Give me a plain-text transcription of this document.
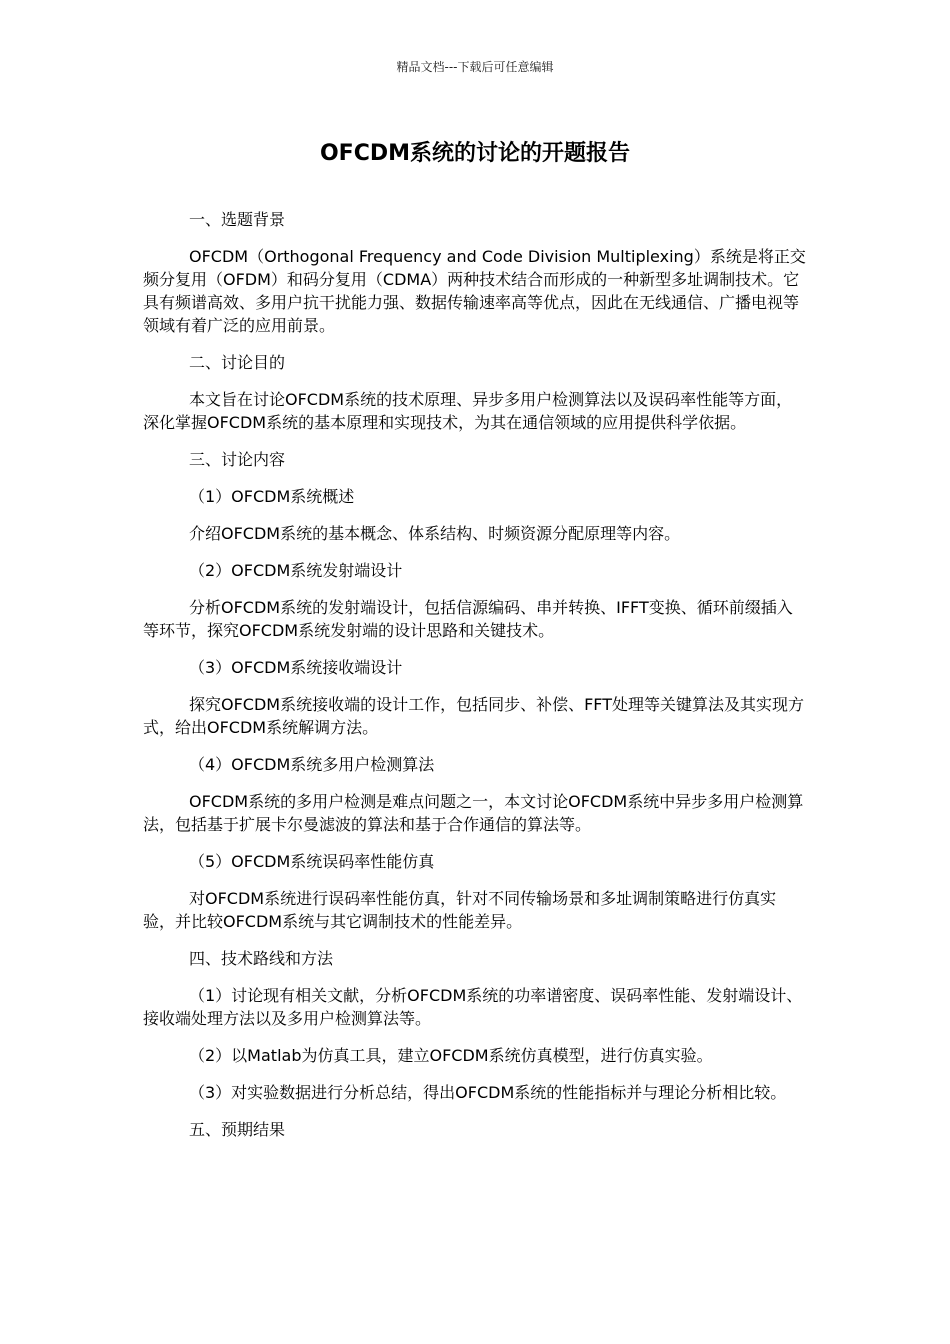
精品文档---下载后可任意编辑
OFCDM系统的讨论的开题报告
一、选题背景
OFCDM（Orthogonal Frequency and Code Division Multiplexing）系统是将正交频分复用（OFDM）和码分复用（CDMA）两种技术结合而形成的一种新型多址调制技术。它具有频谱高效、多用户抗干扰能力强、数据传输速率高等优点，因此在无线通信、广播电视等领域有着广泛的应用前景。
二、讨论目的
本文旨在讨论OFCDM系统的技术原理、异步多用户检测算法以及误码率性能等方面，深化掌握OFCDM系统的基本原理和实现技术，为其在通信领域的应用提供科学依据。
三、讨论内容
（1）OFCDM系统概述
介绍OFCDM系统的基本概念、体系结构、时频资源分配原理等内容。
（2）OFCDM系统发射端设计
分析OFCDM系统的发射端设计，包括信源编码、串并转换、IFFT变换、循环前缀插入等环节，探究OFCDM系统发射端的设计思路和关键技术。
（3）OFCDM系统接收端设计
探究OFCDM系统接收端的设计工作，包括同步、补偿、FFT处理等关键算法及其实现方式，给出OFCDM系统解调方法。
（4）OFCDM系统多用户检测算法
OFCDM系统的多用户检测是难点问题之一，本文讨论OFCDM系统中异步多用户检测算法，包括基于扩展卡尔曼滤波的算法和基于合作通信的算法等。
（5）OFCDM系统误码率性能仿真
对OFCDM系统进行误码率性能仿真，针对不同传输场景和多址调制策略进行仿真实验，并比较OFCDM系统与其它调制技术的性能差异。
四、技术路线和方法
（1）讨论现有相关文献，分析OFCDM系统的功率谱密度、误码率性能、发射端设计、接收端处理方法以及多用户检测算法等。
（2）以Matlab为仿真工具，建立OFCDM系统仿真模型，进行仿真实验。
（3）对实验数据进行分析总结，得出OFCDM系统的性能指标并与理论分析相比较。
五、预期结果
